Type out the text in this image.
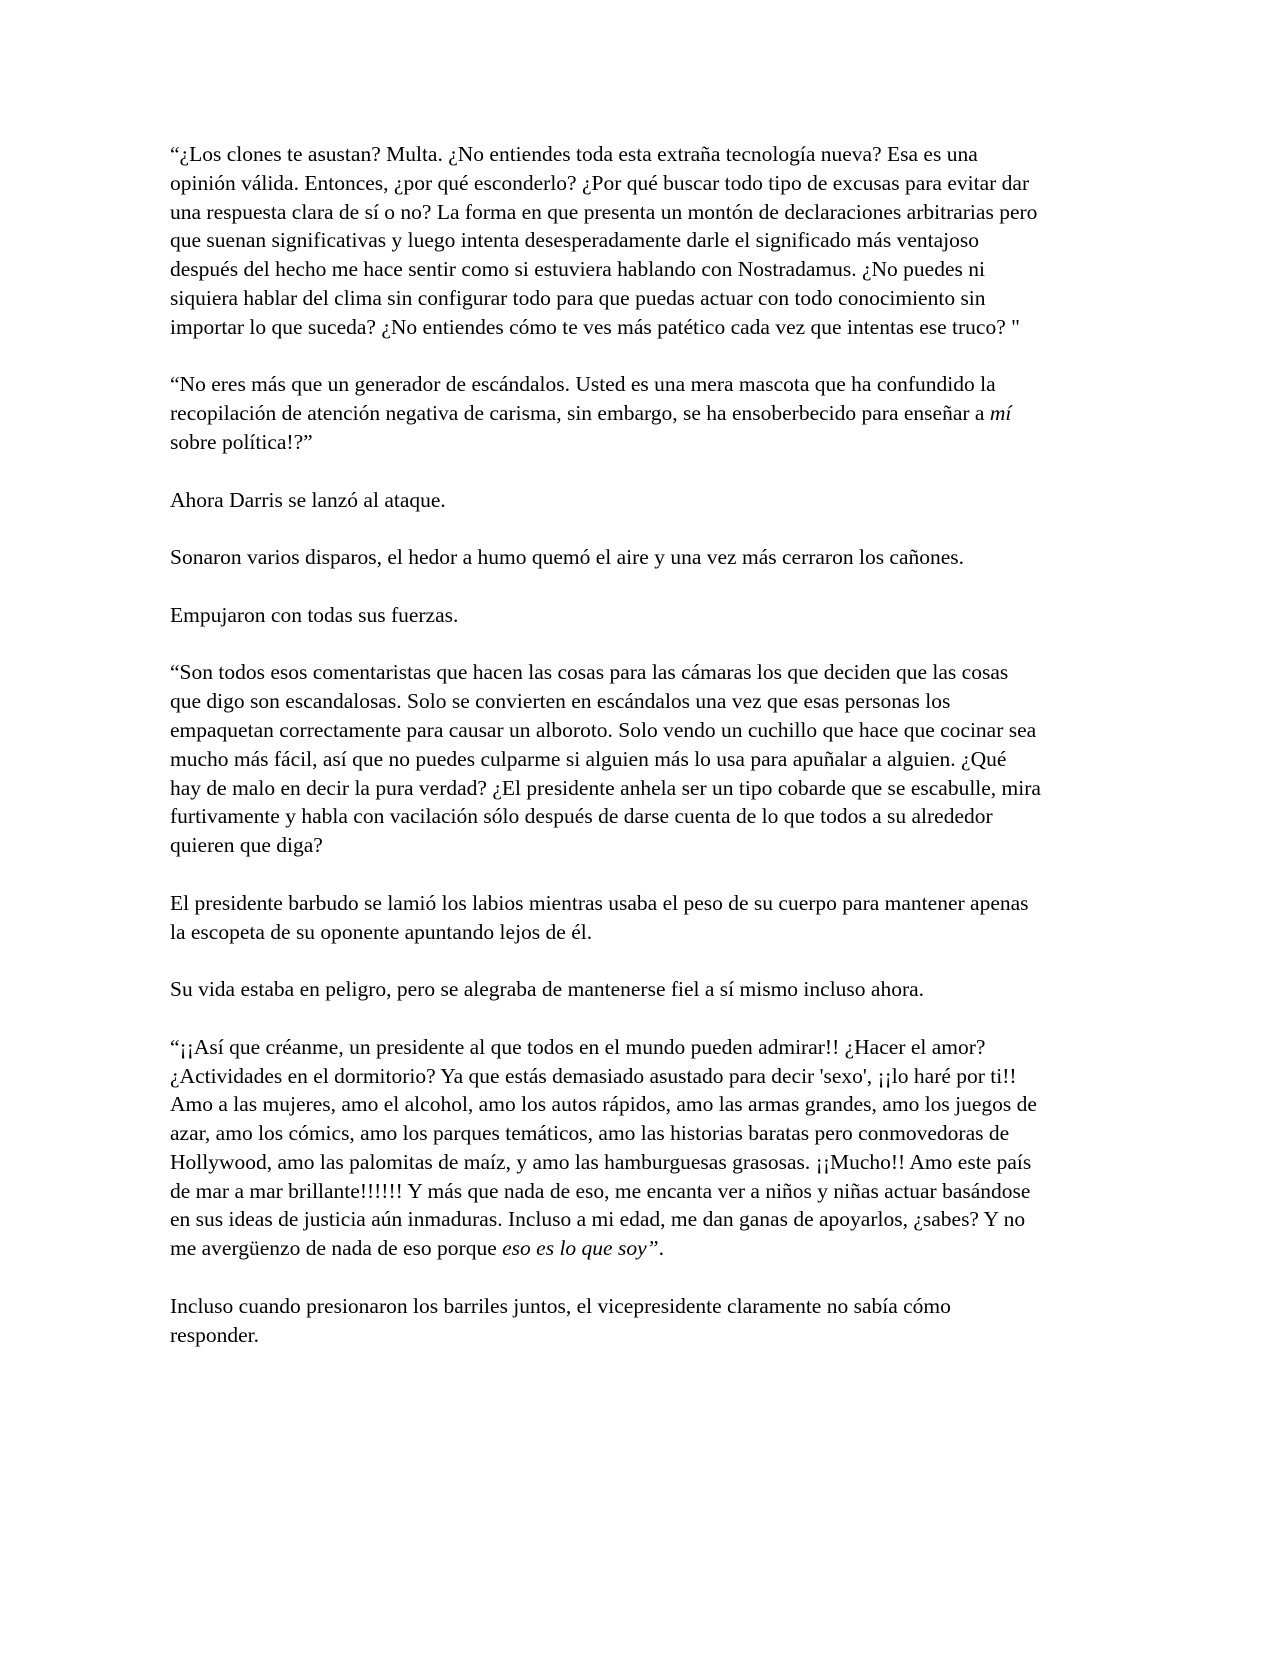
“¿Los clones te asustan? Multa. ¿No entiendes toda esta extraña tecnología nueva? Esa es una opinión válida. Entonces, ¿por qué esconderlo? ¿Por qué buscar todo tipo de excusas para evitar dar una respuesta clara de sí o no? La forma en que presenta un montón de declaraciones arbitrarias pero que suenan significativas y luego intenta desesperadamente darle el significado más ventajoso después del hecho me hace sentir como si estuviera hablando con Nostradamus. ¿No puedes ni siquiera hablar del clima sin configurar todo para que puedas actuar con todo conocimiento sin importar lo que suceda? ¿No entiendes cómo te ves más patético cada vez que intentas ese truco? "

“No eres más que un generador de escándalos. Usted es una mera mascota que ha confundido la recopilación de atención negativa de carisma, sin embargo, se ha ensoberbecido para enseñar a mí sobre política!?”

Ahora Darris se lanzó al ataque.

Sonaron varios disparos, el hedor a humo quemó el aire y una vez más cerraron los cañones.

Empujaron con todas sus fuerzas.

“Son todos esos comentaristas que hacen las cosas para las cámaras los que deciden que las cosas que digo son escandalosas. Solo se convierten en escándalos una vez que esas personas los empaquetan correctamente para causar un alboroto. Solo vendo un cuchillo que hace que cocinar sea mucho más fácil, así que no puedes culparme si alguien más lo usa para apuñalar a alguien. ¿Qué hay de malo en decir la pura verdad? ¿El presidente anhela ser un tipo cobarde que se escabulle, mira furtivamente y habla con vacilación sólo después de darse cuenta de lo que todos a su alrededor quieren que diga?

El presidente barbudo se lamió los labios mientras usaba el peso de su cuerpo para mantener apenas la escopeta de su oponente apuntando lejos de él.

Su vida estaba en peligro, pero se alegraba de mantenerse fiel a sí mismo incluso ahora.

“¡¡Así que créanme, un presidente al que todos en el mundo pueden admirar!! ¿Hacer el amor? ¿Actividades en el dormitorio? Ya que estás demasiado asustado para decir 'sexo', ¡¡lo haré por ti!! Amo a las mujeres, amo el alcohol, amo los autos rápidos, amo las armas grandes, amo los juegos de azar, amo los cómics, amo los parques temáticos, amo las historias baratas pero conmovedoras de Hollywood, amo las palomitas de maíz, y amo las hamburguesas grasosas. ¡¡Mucho!! Amo este país de mar a mar brillante!!!!!! Y más que nada de eso, me encanta ver a niños y niñas actuar basándose en sus ideas de justicia aún inmaduras. Incluso a mi edad, me dan ganas de apoyarlos, ¿sabes? Y no me avergüenzo de nada de eso porque eso es lo que soy”.

Incluso cuando presionaron los barriles juntos, el vicepresidente claramente no sabía cómo responder.
